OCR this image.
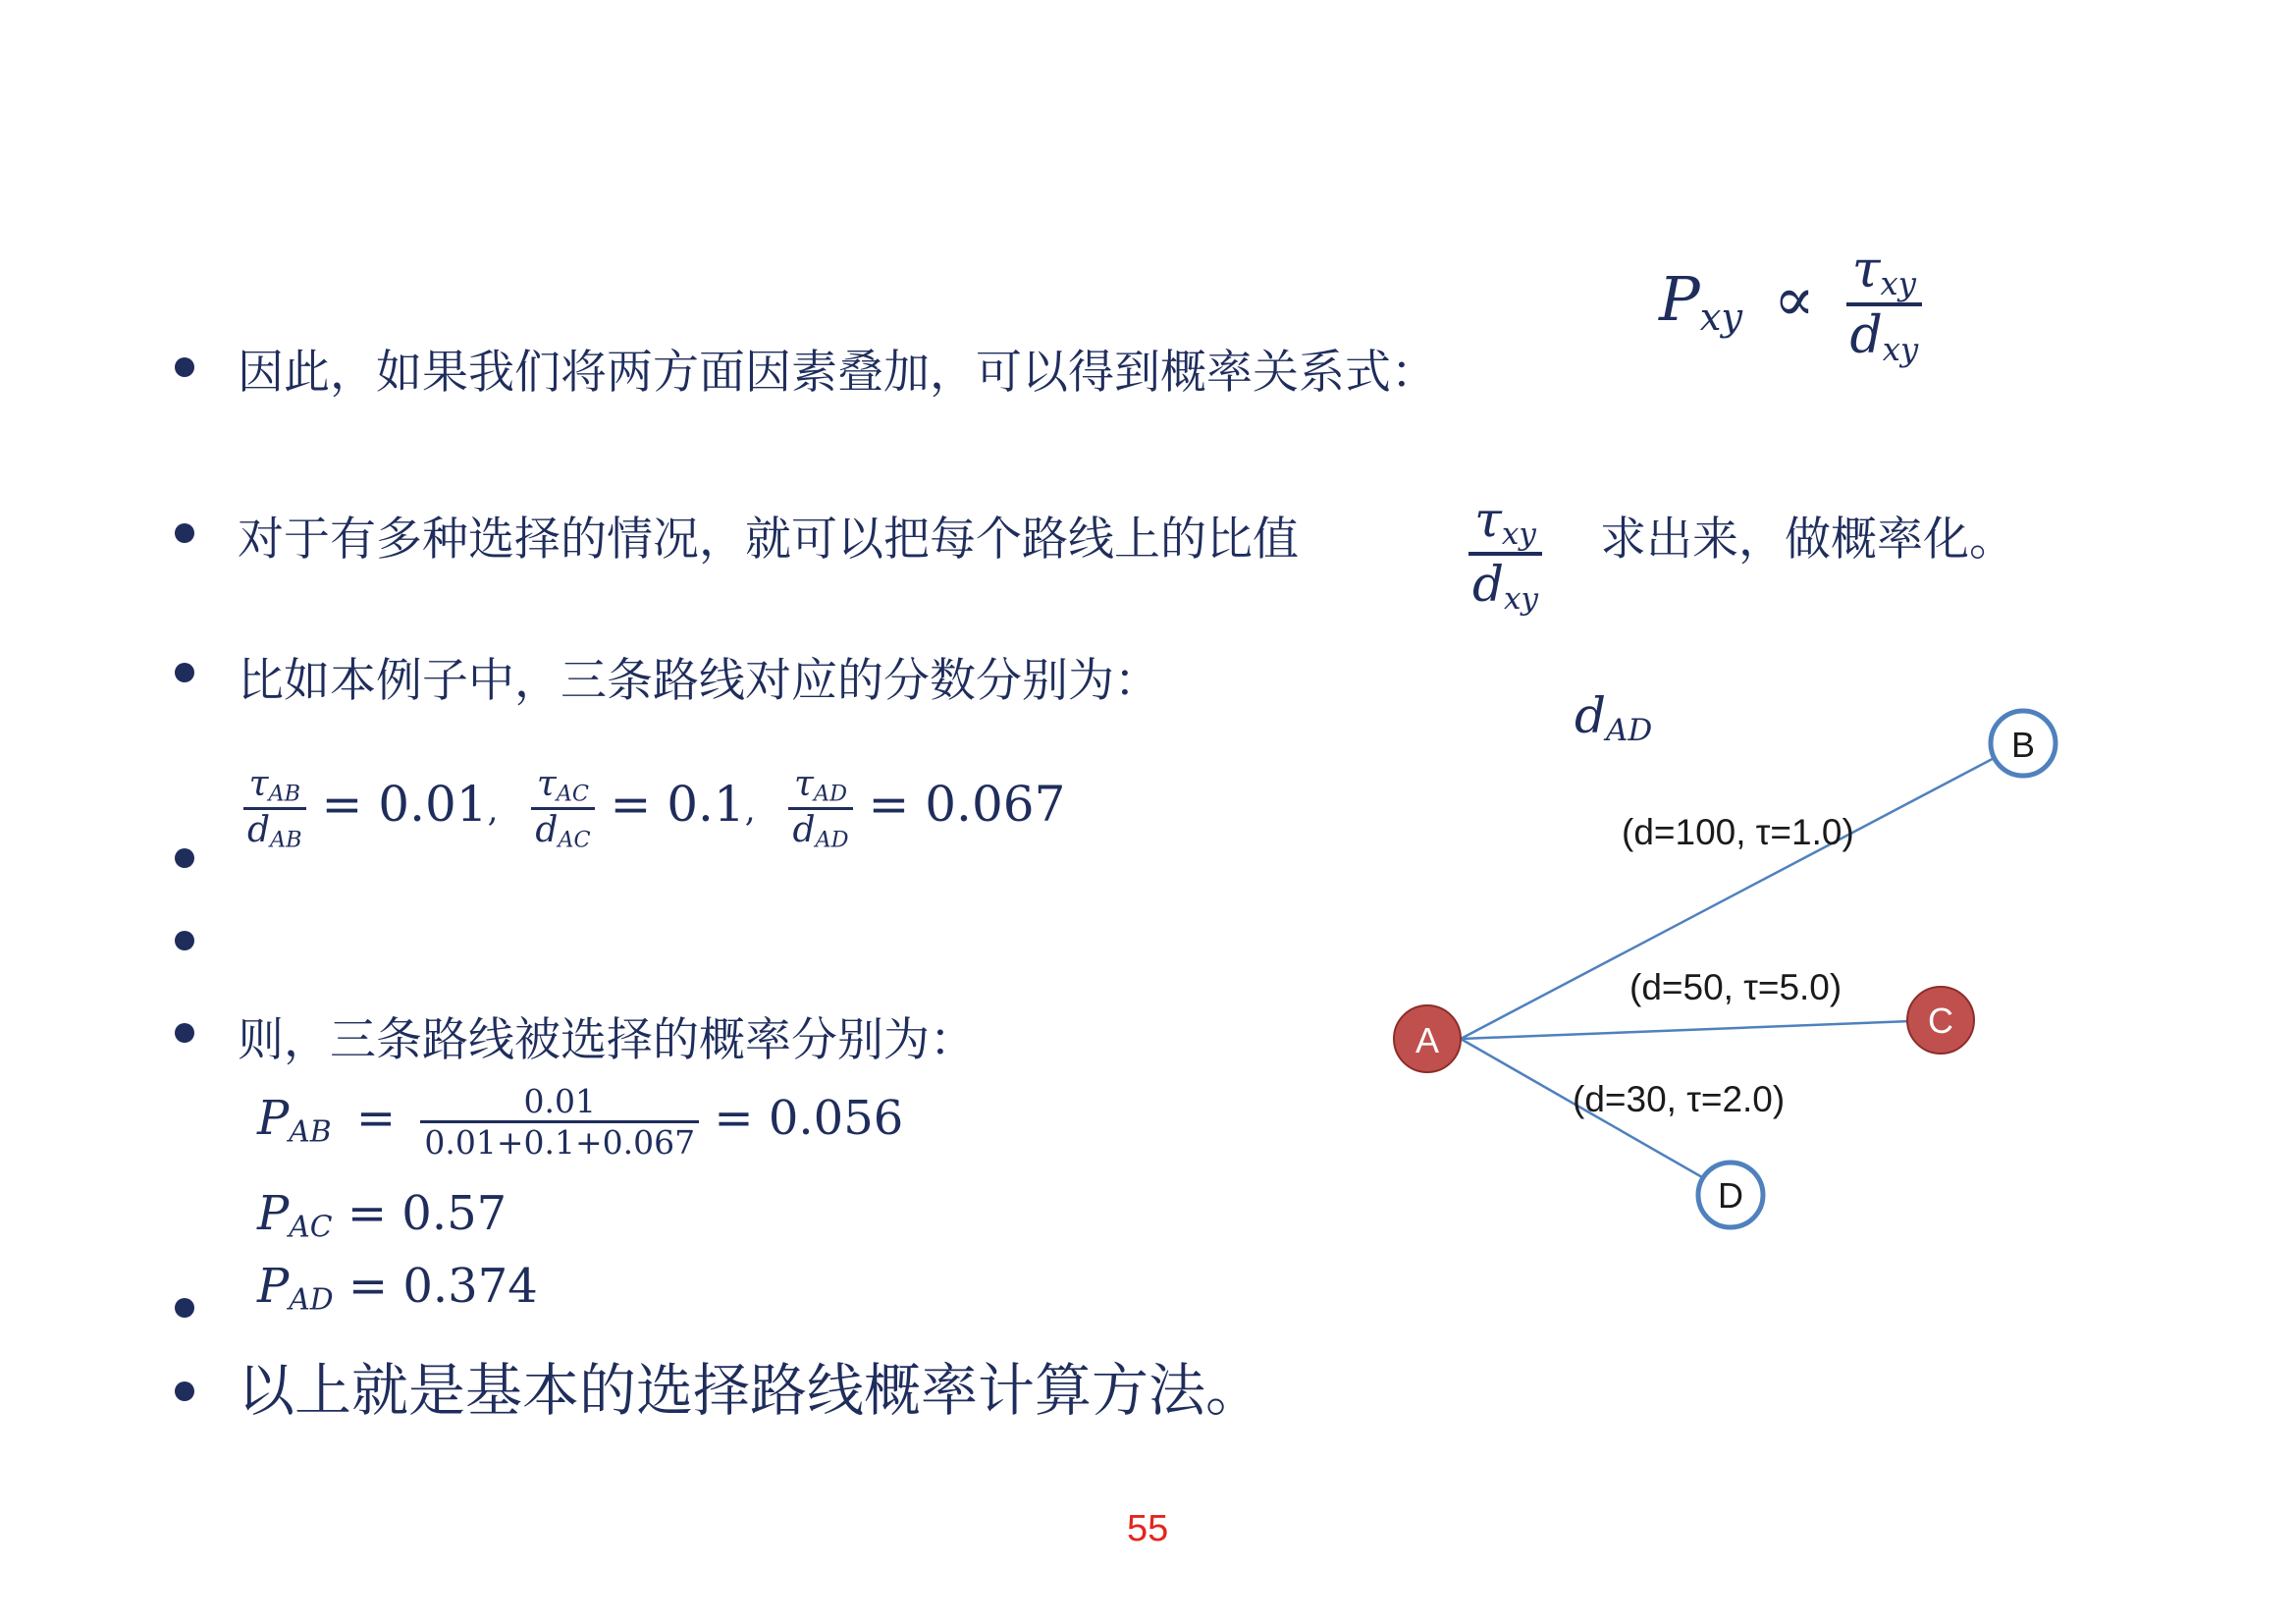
$P_{xy} \propto \frac{\tau_{xy}}{d_{xy}}$
因此，如果我们将两方面因素叠加，可以得到概率关系式：
对于有多种选择的情况，就可以把每个路线上的比值	$\frac{\tau_{xy}}{d_{xy}}$ 求出来，做概率化。
比如本例子中，三条路线对应的分数分别为：
$\frac{\tau_{AB}}{d_{AB}} = 0.01$, $\frac{\tau_{AC}}{d_{AC}} = 0.1$, $\frac{\tau_{AD}}{d_{AD}} = 0.067$
则，三条路线被选择的概率分别为：
$P_{AB} = \frac{0.01}{0.01+0.1+0.067} = 0.056$
$P_{AC} = 0.57$
$P_{AD} = 0.374$
以上就是基本的选择路线概率计算方法。
$d_{AD}$
A
B
C
D
(d=100, τ=1.0)
(d=50, τ=5.0)
(d=30, τ=2.0)
55
